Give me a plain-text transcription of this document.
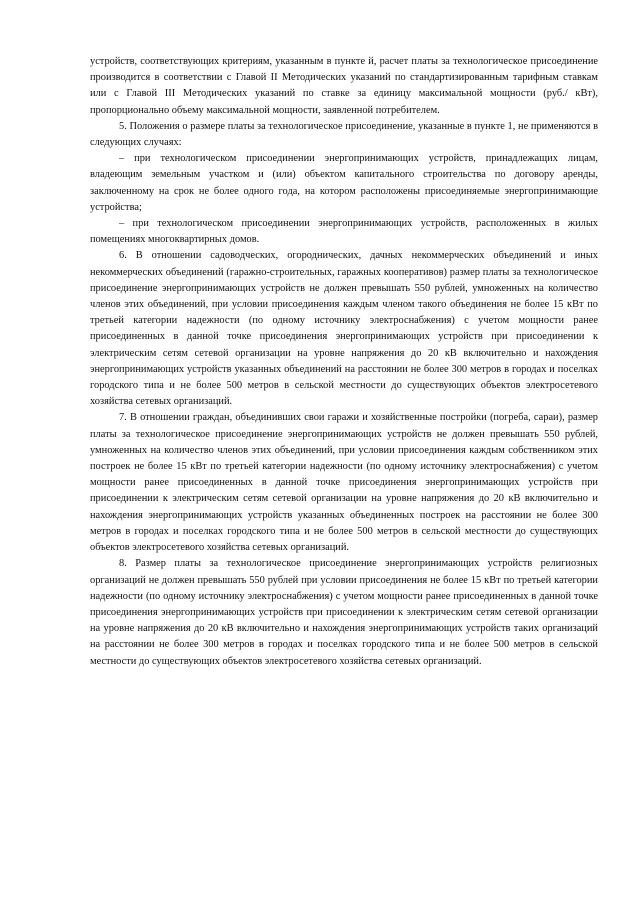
устройств, соответствующих критериям, указанным в пункте й, расчет платы за технологическое присоединение производится в соответствии с Главой II Методических указаний по стандартизированным тарифным ставкам или с Главой III Методических указаний по ставке за единицу максимальной мощности (руб./ кВт), пропорционально объему максимальной мощности, заявленной потребителем.

5. Положения о размере платы за технологическое присоединение, указанные в пункте 1, не применяются в следующих случаях:

– при технологическом присоединении энергопринимающих устройств, принадлежащих лицам, владеющим земельным участком и (или) объектом капитального строительства по договору аренды, заключенному на срок не более одного года, на котором расположены присоединяемые энергопринимающие устройства;

– при технологическом присоединении энергопринимающих устройств, расположенных в жилых помещениях многоквартирных домов.

6. В отношении садоводческих, огороднических, дачных некоммерческих объединений и иных некоммерческих объединений (гаражно-строительных, гаражных кооперативов) размер платы за технологическое присоединение энергопринимающих устройств не должен превышать 550 рублей, умноженных на количество членов этих объединений, при условии присоединения каждым членом такого объединения не более 15 кВт по третьей категории надежности (по одному источнику электроснабжения) с учетом мощности ранее присоединенных в данной точке присоединения энергопринимающих устройств при присоединении к электрическим сетям сетевой организации на уровне напряжения до 20 кВ включительно и нахождения энергопринимающих устройств указанных объединений на расстоянии не более 300 метров в городах и поселках городского типа и не более 500 метров в сельской местности до существующих объектов электросетевого хозяйства сетевых организаций.

7. В отношении граждан, объединивших свои гаражи и хозяйственные постройки (погреба, сараи), размер платы за технологическое присоединение энергопринимающих устройств не должен превышать 550 рублей, умноженных на количество членов этих объединений, при условии присоединения каждым собственником этих построек не более 15 кВт по третьей категории надежности (по одному источнику электроснабжения) с учетом мощности ранее присоединенных в данной точке присоединения энергопринимающих устройств при присоединении к электрическим сетям сетевой организации на уровне напряжения до 20 кВ включительно и нахождения энергопринимающих устройств указанных объединенных построек на расстоянии не более 300 метров в городах и поселках городского типа и не более 500 метров в сельской местности до существующих объектов электросетевого хозяйства сетевых организаций.

8. Размер платы за технологическое присоединение энергопринимающих устройств религиозных организаций не должен превышать 550 рублей при условии присоединения не более 15 кВт по третьей категории надежности (по одному источнику электроснабжения) с учетом мощности ранее присоединенных в данной точке присоединения энергопринимающих устройств при присоединении к электрическим сетям сетевой организации на уровне напряжения до 20 кВ включительно и нахождения энергопринимающих устройств таких организаций на расстоянии не более 300 метров в городах и поселках городского типа и не более 500 метров в сельской местности до существующих объектов электросетевого хозяйства сетевых организаций.
